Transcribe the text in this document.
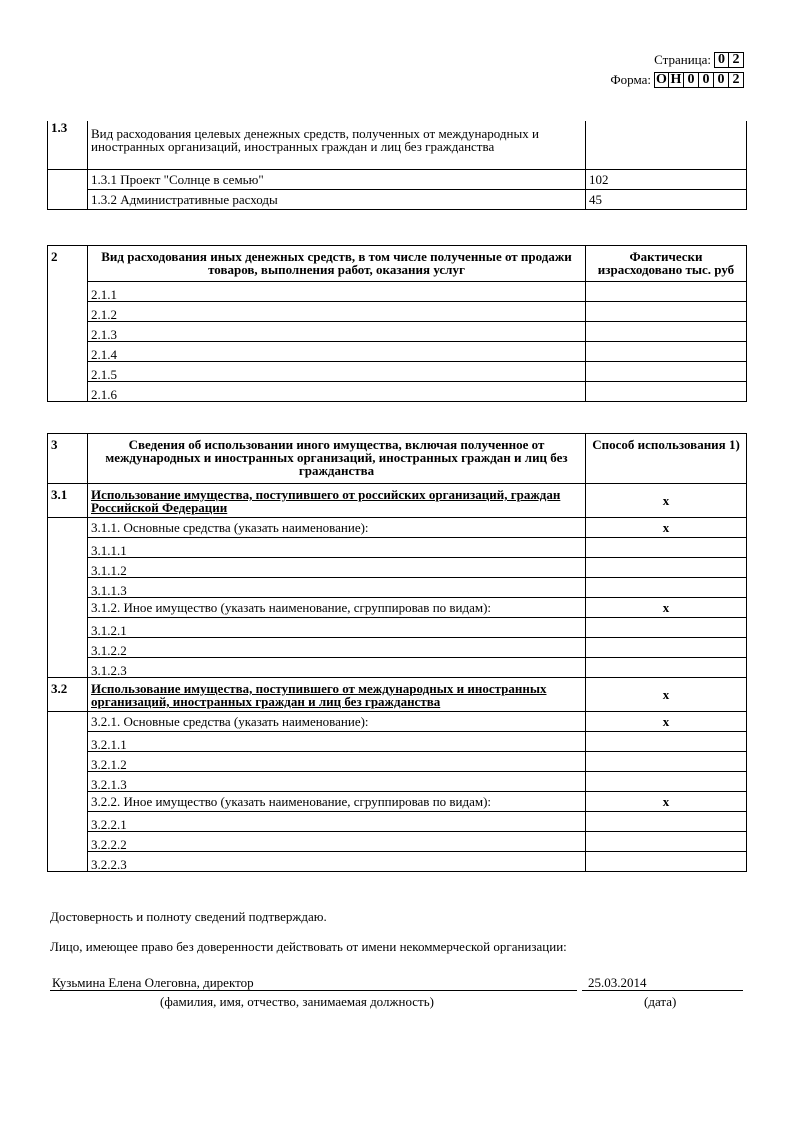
Страница: 0 2
Форма: О Н 0 0 0 2
1.3	Вид расходования целевых денежных средств, полученных от международных и иностранных организаций, иностранных граждан и лиц без гражданства	
	1.3.1 Проект "Солнце в семью"	102
	1.3.2 Административные расходы	45
2	Вид расходования иных денежных средств, в том числе полученные от продажи товаров, выполнения работ, оказания услуг	Фактически израсходовано тыс. руб
	2.1.1	
	2.1.2	
	2.1.3	
	2.1.4	
	2.1.5	
	2.1.6	
3	Сведения об использовании иного имущества, включая полученное от международных и иностранных организаций, иностранных граждан и лиц без гражданства	Способ использования 1)
3.1	Использование имущества, поступившего от российских организаций, граждан Российской Федерации	x
	3.1.1. Основные средства (указать наименование):	x
	3.1.1.1	
	3.1.1.2	
	3.1.1.3	
	3.1.2. Иное имущество (указать наименование, сгруппировав по видам):	x
	3.1.2.1	
	3.1.2.2	
	3.1.2.3	
3.2	Использование имущества, поступившего от международных и иностранных организаций, иностранных граждан и лиц без гражданства	x
	3.2.1. Основные средства (указать наименование):	x
	3.2.1.1	
	3.2.1.2	
	3.2.1.3	
	3.2.2. Иное имущество (указать наименование, сгруппировав по видам):	x
	3.2.2.1	
	3.2.2.2	
	3.2.2.3	
Достоверность и полноту сведений подтверждаю.
Лицо, имеющее право без доверенности действовать от имени некоммерческой организации:
Кузьмина Елена Олеговна, директор	25.03.2014
(фамилия, имя, отчество, занимаемая должность)	(дата)
